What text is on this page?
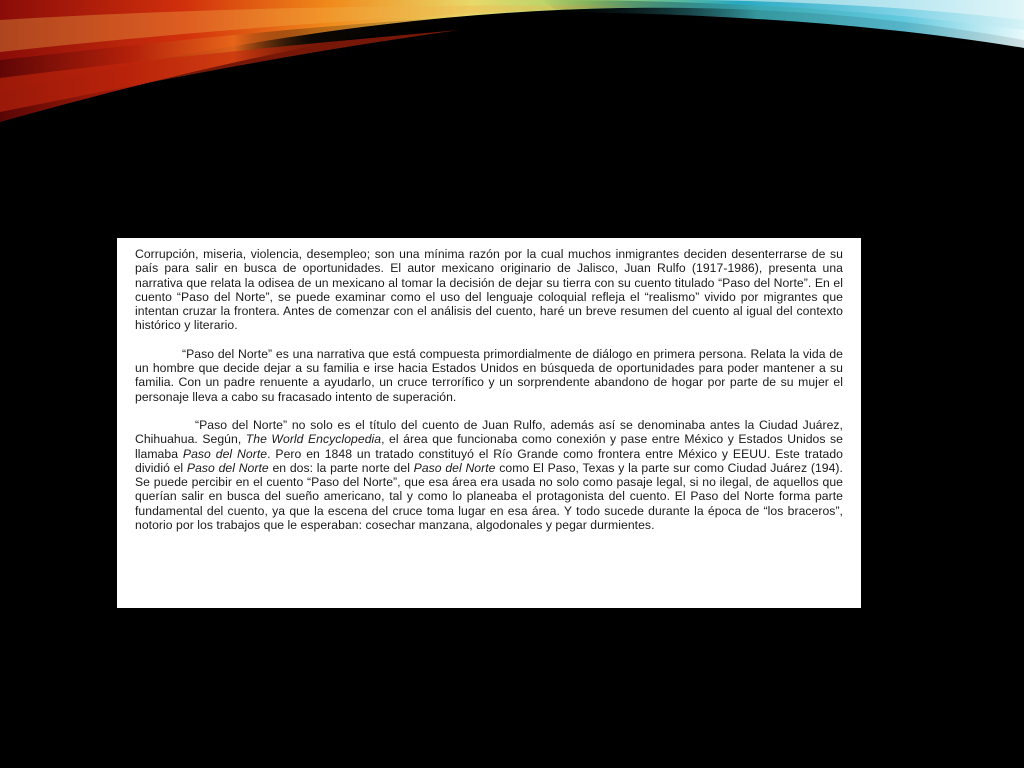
Corrupción, miseria, violencia, desempleo; son una mínima razón por la cual muchos inmigrantes deciden desenterrarse de su país para salir en busca de oportunidades. El autor mexicano originario de Jalisco, Juan Rulfo (1917-1986), presenta una narrativa que relata la odisea de un mexicano al tomar la decisión de dejar su tierra con su cuento titulado “Paso del Norte”. En el cuento “Paso del Norte”, se puede examinar como el uso del lenguaje coloquial refleja el “realismo” vivido por migrantes que intentan cruzar la frontera. Antes de comenzar con el análisis del cuento, haré un breve resumen del cuento al igual del contexto histórico y literario.

“Paso del Norte” es una narrativa que está compuesta primordialmente de diálogo en primera persona. Relata la vida de un hombre que decide dejar a su familia e irse hacia Estados Unidos en búsqueda de oportunidades para poder mantener a su familia. Con un padre renuente a ayudarlo, un cruce terrorífico y un sorprendente abandono de hogar por parte de su mujer el personaje lleva a cabo su fracasado intento de superación.

“Paso del Norte” no solo es el título del cuento de Juan Rulfo, además así se denominaba antes la Ciudad Juárez, Chihuahua. Según, The World Encyclopedia, el área que funcionaba como conexión y pase entre México y Estados Unidos se llamaba Paso del Norte. Pero en 1848 un tratado constituyó el Río Grande como frontera entre México y EEUU. Este tratado dividió el Paso del Norte en dos: la parte norte del Paso del Norte como El Paso, Texas y la parte sur como Ciudad Juárez (194). Se puede percibir en el cuento “Paso del Norte”, que esa área era usada no solo como pasaje legal, si no ilegal, de aquellos que querían salir en busca del sueño americano, tal y como lo planeaba el protagonista del cuento. El Paso del Norte forma parte fundamental del cuento, ya que la escena del cruce toma lugar en esa área. Y todo sucede durante la época de “los braceros”, notorio por los trabajos que le esperaban: cosechar manzana, algodonales y pegar durmientes.
